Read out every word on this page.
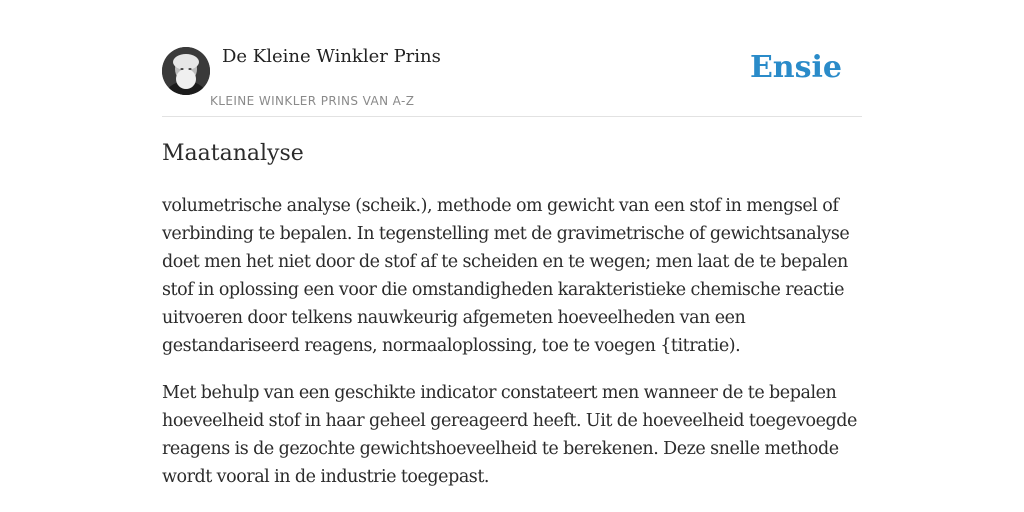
De Kleine Winkler Prins
KLEINE WINKLER PRINS VAN A-Z
Ensie
Maatanalyse

volumetrische analyse (scheik.), methode om gewicht van een stof in mengsel of verbinding te bepalen. In tegenstelling met de gravimetrische of gewichtsanalyse doet men het niet door de stof af te scheiden en te wegen; men laat de te bepalen stof in oplossing een voor die omstandigheden karakteristieke chemische reactie uitvoeren door telkens nauwkeurig afgemeten hoeveelheden van een gestandariseerd reagens, normaaloplossing, toe te voegen {titratie).

Met behulp van een geschikte indicator constateert men wanneer de te bepalen hoeveelheid stof in haar geheel gereageerd heeft. Uit de hoeveelheid toegevoegde reagens is de gezochte gewichtshoeveelheid te berekenen. Deze snelle methode wordt vooral in de industrie toegepast.
